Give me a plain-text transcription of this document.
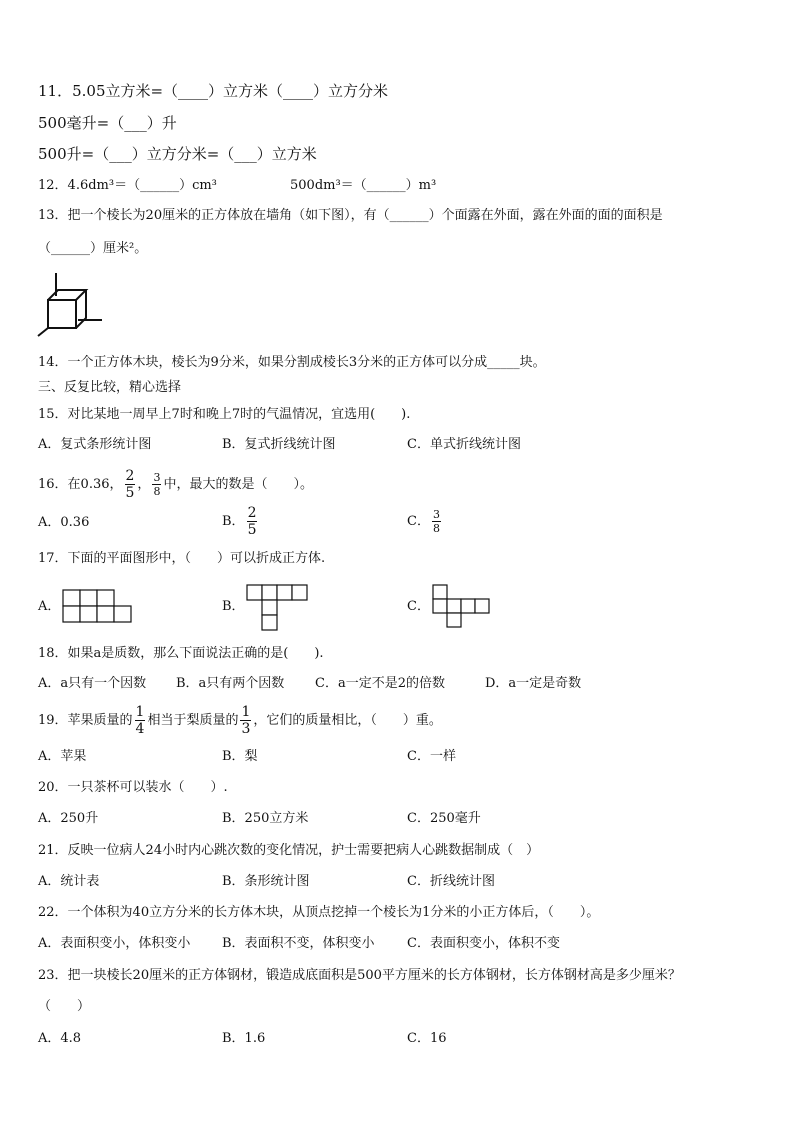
11．5.05立方米=（____）立方米（____）立方分米
500毫升=（___）升
500升=（___）立方分米=（___）立方米
12．4.6dm³＝（______）cm³	500dm³＝（______）m³
13．把一个棱长为20厘米的正方体放在墙角（如下图），有（______）个面露在外面，露在外面的面的面积是
（______）厘米²。
14．一个正方体木块，棱长为9分米，如果分割成棱长3分米的正方体可以分成_____块。
三、反复比较，精心选择
15．对比某地一周早上7时和晚上7时的气温情况，宜选用(　　).
A．复式条形统计图	B．复式折线统计图	C．单式折线统计图
16．在0.36， $\frac{2}{5}$ ， $\frac{3}{8}$ 中，最大的数是（　　）。
A．0.36	B． $\frac{2}{5}$	C． $\frac{3}{8}$
17．下面的平面图形中，（　　）可以折成正方体.
A．	B．	C．
18．如果a是质数，那么下面说法正确的是(　　).
A．a只有一个因数 B．a只有两个因数 C．a一定不是2的倍数	D．a一定是奇数
19．苹果质量的 $\frac{1}{4}$ 相当于梨质量的 $\frac{1}{3}$ ，它们的质量相比，（　　）重。
A．苹果	B．梨	C．一样
20．一只茶杯可以装水（　　）.
A．250升	B．250立方米	C．250毫升
21．反映一位病人24小时内心跳次数的变化情况，护士需要把病人心跳数据制成（　）
A．统计表	B．条形统计图	C．折线统计图
22．一个体积为40立方分米的长方体木块，从顶点挖掉一个棱长为1分米的小正方体后，（　　）。
A．表面积变小，体积变小 B．表面积不变，体积变小 C．表面积变小，体积不变
23．把一块棱长20厘米的正方体钢材，锻造成底面积是500平方厘米的长方体钢材，长方体钢材高是多少厘米？
（　　）
A．4.8	B．1.6	C．16
